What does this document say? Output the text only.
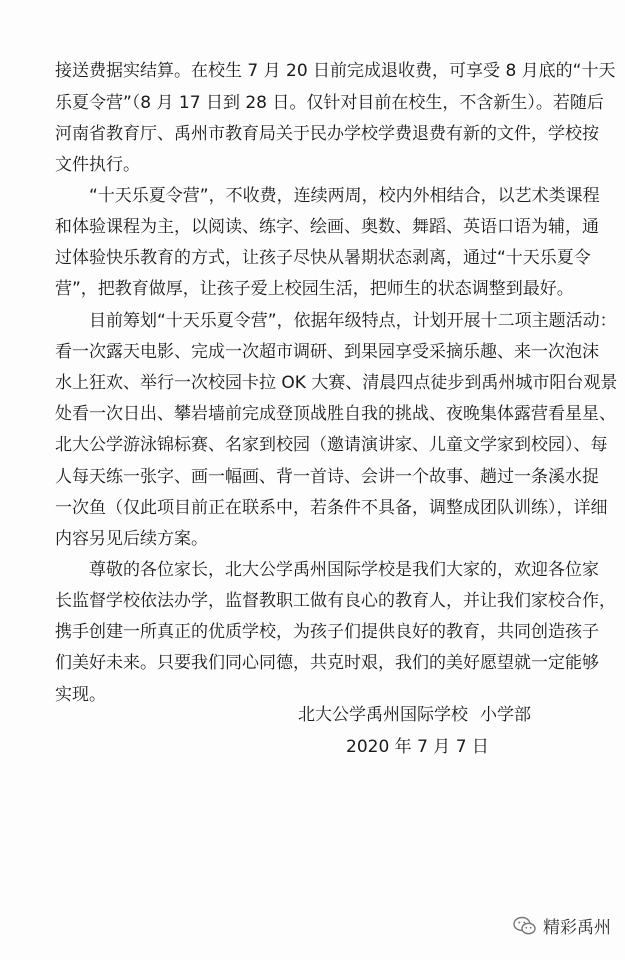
接送费据实结算。在校生 7 月 20 日前完成退收费，可享受 8 月底的“十天
乐夏令营”（8 月 17 日到 28 日。仅针对目前在校生，不含新生）。若随后
河南省教育厅、禹州市教育局关于民办学校学费退费有新的文件，学校按
文件执行。
“十天乐夏令营”，不收费，连续两周，校内外相结合，以艺术类课程
和体验课程为主，以阅读、练字、绘画、奥数、舞蹈、英语口语为辅，通
过体验快乐教育的方式，让孩子尽快从暑期状态剥离，通过“十天乐夏令
营”，把教育做厚，让孩子爱上校园生活，把师生的状态调整到最好。
目前筹划“十天乐夏令营”，依据年级特点，计划开展十二项主题活动：
看一次露天电影、完成一次超市调研、到果园享受采摘乐趣、来一次泡沫
水上狂欢、举行一次校园卡拉 OK 大赛、清晨四点徒步到禹州城市阳台观景
处看一次日出、攀岩墙前完成登顶战胜自我的挑战、夜晚集体露营看星星、
北大公学游泳锦标赛、名家到校园（邀请演讲家、儿童文学家到校园）、每
人每天练一张字、画一幅画、背一首诗、会讲一个故事、趟过一条溪水捉
一次鱼（仅此项目前正在联系中，若条件不具备，调整成团队训练），详细
内容另见后续方案。
尊敬的各位家长，北大公学禹州国际学校是我们大家的，欢迎各位家
长监督学校依法办学，监督教职工做有良心的教育人，并让我们家校合作，
携手创建一所真正的优质学校，为孩子们提供良好的教育，共同创造孩子
们美好未来。只要我们同心同德，共克时艰，我们的美好愿望就一定能够
实现。
北大公学禹州国际学校 小学部
2020 年 7 月 7 日
精彩禹州
